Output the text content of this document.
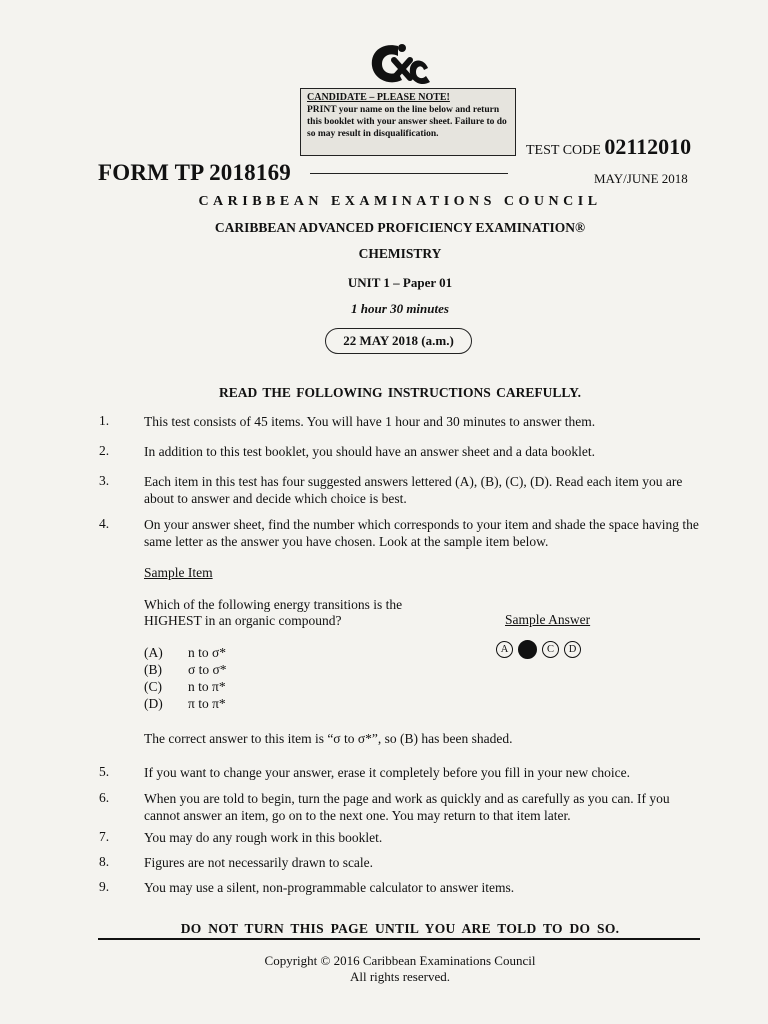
CANDIDATE – PLEASE NOTE!
PRINT your name on the line below and return this booklet with your answer sheet. Failure to do so may result in disqualification.
FORM TP 2018169
TEST CODE 02112010
MAY/JUNE 2018
CARIBBEAN EXAMINATIONS COUNCIL
CARIBBEAN ADVANCED PROFICIENCY EXAMINATION®
CHEMISTRY
UNIT 1 – Paper 01
1 hour 30 minutes
22 MAY 2018 (a.m.)
READ THE FOLLOWING INSTRUCTIONS CAREFULLY.
1.	This test consists of 45 items. You will have 1 hour and 30 minutes to answer them.
2.	In addition to this test booklet, you should have an answer sheet and a data booklet.
3.	Each item in this test has four suggested answers lettered (A), (B), (C), (D). Read each item you are about to answer and decide which choice is best.
4.	On your answer sheet, find the number which corresponds to your item and shade the space having the same letter as the answer you have chosen. Look at the sample item below.
Sample Item
Which of the following energy transitions is the HIGHEST in an organic compound?
(A) n to σ*
(B) σ to σ*
(C) n to π*
(D) π to π*
Sample Answer
A	C	D
The correct answer to this item is “σ to σ*”, so (B) has been shaded.
5.	If you want to change your answer, erase it completely before you fill in your new choice.
6.	When you are told to begin, turn the page and work as quickly and as carefully as you can. If you cannot answer an item, go on to the next one. You may return to that item later.
7.	You may do any rough work in this booklet.
8.	Figures are not necessarily drawn to scale.
9.	You may use a silent, non-programmable calculator to answer items.
DO NOT TURN THIS PAGE UNTIL YOU ARE TOLD TO DO SO.
Copyright © 2016 Caribbean Examinations Council
All rights reserved.
